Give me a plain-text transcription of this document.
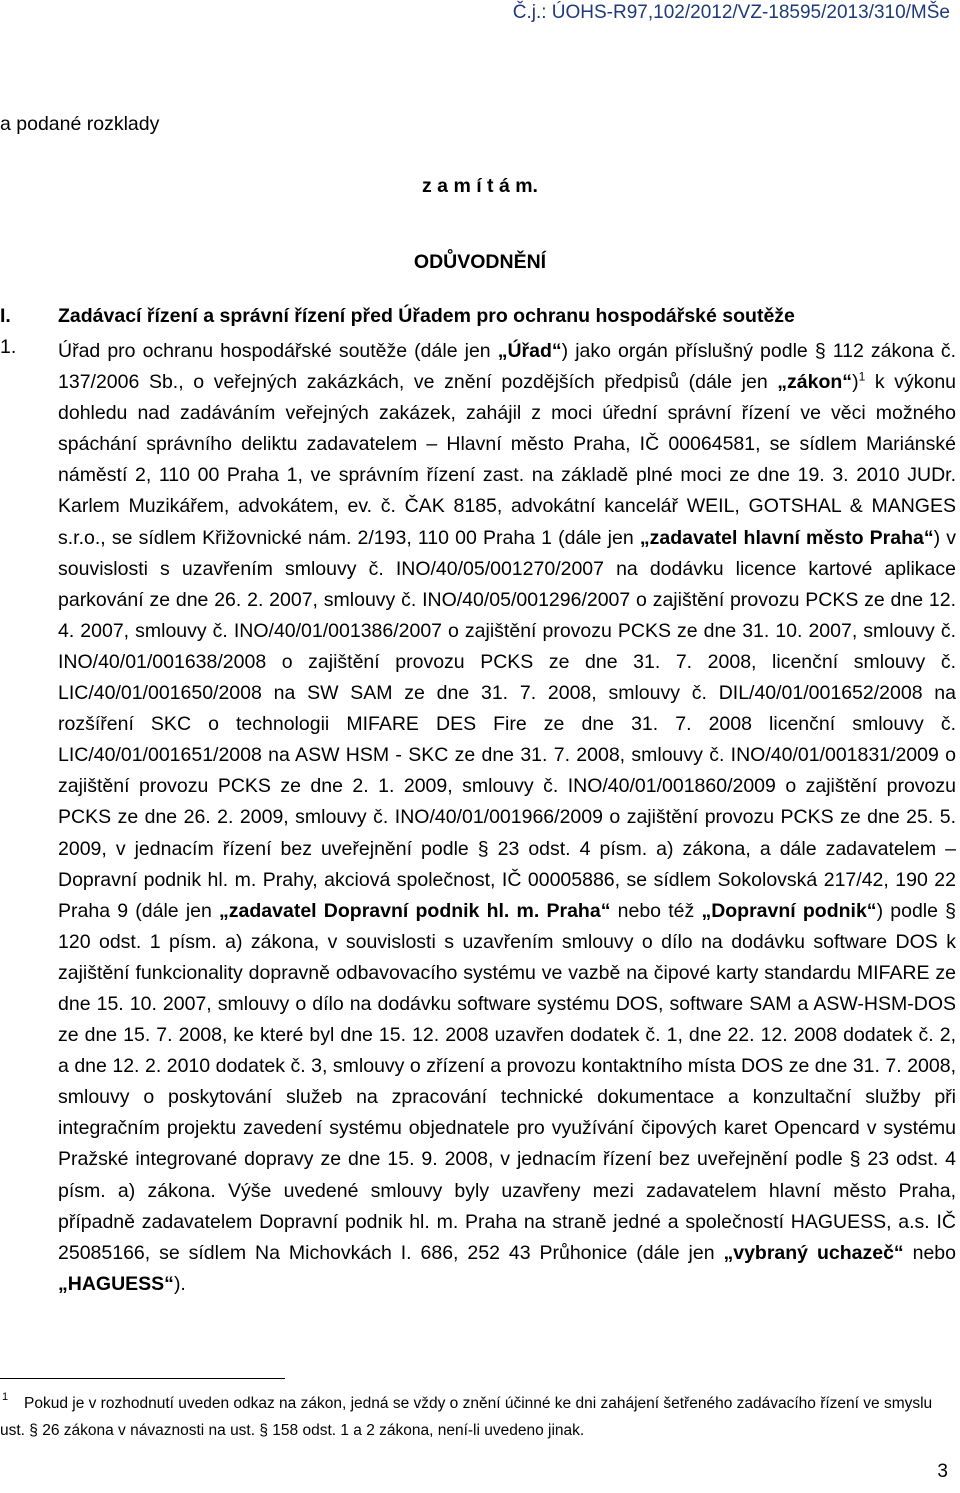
Č.j.: ÚOHS-R97,102/2012/VZ-18595/2013/310/MŠe
a podané rozklady
z a m í t á m.
ODŮVODNĚNÍ
I. Zadávací řízení a správní řízení před Úřadem pro ochranu hospodářské soutěže
1. Úřad pro ochranu hospodářské soutěže (dále jen „Úřad“) jako orgán příslušný podle § 112 zákona č. 137/2006 Sb., o veřejných zakázkách, ve znění pozdějších předpisů (dále jen „zákon“)$^1$ k výkonu dohledu nad zadáváním veřejných zakázek, zahájil z moci úřední správní řízení ve věci možného spáchání správního deliktu zadavatelem – Hlavní město Praha, IČ 00064581, se sídlem Mariánské náměstí 2, 110 00 Praha 1, ve správním řízení zast. na základě plné moci ze dne 19. 3. 2010 JUDr. Karlem Muzikářem, advokátem, ev. č. ČAK 8185, advokátní kancelář WEIL, GOTSHAL & MANGES s.r.o., se sídlem Křižovnické nám. 2/193, 110 00 Praha 1 (dále jen „zadavatel hlavní město Praha“) v souvislosti s uzavřením smlouvy č. INO/40/05/001270/2007 na dodávku licence kartové aplikace parkování ze dne 26. 2. 2007, smlouvy č. INO/40/05/001296/2007 o zajištění provozu PCKS ze dne 12. 4. 2007, smlouvy č. INO/40/01/001386/2007 o zajištění provozu PCKS ze dne 31. 10. 2007, smlouvy č. INO/40/01/001638/2008 o zajištění provozu PCKS ze dne 31. 7. 2008, licenční smlouvy č. LIC/40/01/001650/2008 na SW SAM ze dne 31. 7. 2008, smlouvy č. DIL/40/01/001652/2008 na rozšíření SKC o technologii MIFARE DES Fire ze dne 31. 7. 2008 licenční smlouvy č. LIC/40/01/001651/2008 na ASW HSM - SKC ze dne 31. 7. 2008, smlouvy č. INO/40/01/001831/2009 o zajištění provozu PCKS ze dne 2. 1. 2009, smlouvy č. INO/40/01/001860/2009 o zajištění provozu PCKS ze dne 26. 2. 2009, smlouvy č. INO/40/01/001966/2009 o zajištění provozu PCKS ze dne 25. 5. 2009, v jednacím řízení bez uveřejnění podle § 23 odst. 4 písm. a) zákona, a dále zadavatelem – Dopravní podnik hl. m. Prahy, akciová společnost, IČ 00005886, se sídlem Sokolovská 217/42, 190 22 Praha 9 (dále jen „zadavatel Dopravní podnik hl. m. Praha“ nebo též „Dopravní podnik“) podle § 120 odst. 1 písm. a) zákona, v souvislosti s uzavřením smlouvy o dílo na dodávku software DOS k zajištění funkcionality dopravně odbavovacího systému ve vazbě na čipové karty standardu MIFARE ze dne 15. 10. 2007, smlouvy o dílo na dodávku software systému DOS, software SAM a ASW-HSM-DOS ze dne 15. 7. 2008, ke které byl dne 15. 12. 2008 uzavřen dodatek č. 1, dne 22. 12. 2008 dodatek č. 2, a dne 12. 2. 2010 dodatek č. 3, smlouvy o zřízení a provozu kontaktního místa DOS ze dne 31. 7. 2008, smlouvy o poskytování služeb na zpracování technické dokumentace a konzultační služby při integračním projektu zavedení systému objednatele pro využívání čipových karet Opencard v systému Pražské integrované dopravy ze dne 15. 9. 2008, v jednacím řízení bez uveřejnění podle § 23 odst. 4 písm. a) zákona. Výše uvedené smlouvy byly uzavřeny mezi zadavatelem hlavní město Praha, případně zadavatelem Dopravní podnik hl. m. Praha na straně jedné a společností HAGUESS, a.s. IČ 25085166, se sídlem Na Michovkách I. 686, 252 43 Průhonice (dále jen „vybraný uchazeč“ nebo „HAGUESS“).

1	Pokud je v rozhodnutí uveden odkaz na zákon, jedná se vždy o znění účinné ke dni zahájení šetřeného zadávacího řízení ve smyslu ust. § 26 zákona v návaznosti na ust. § 158 odst. 1 a 2 zákona, není-li uvedeno jinak.
3
